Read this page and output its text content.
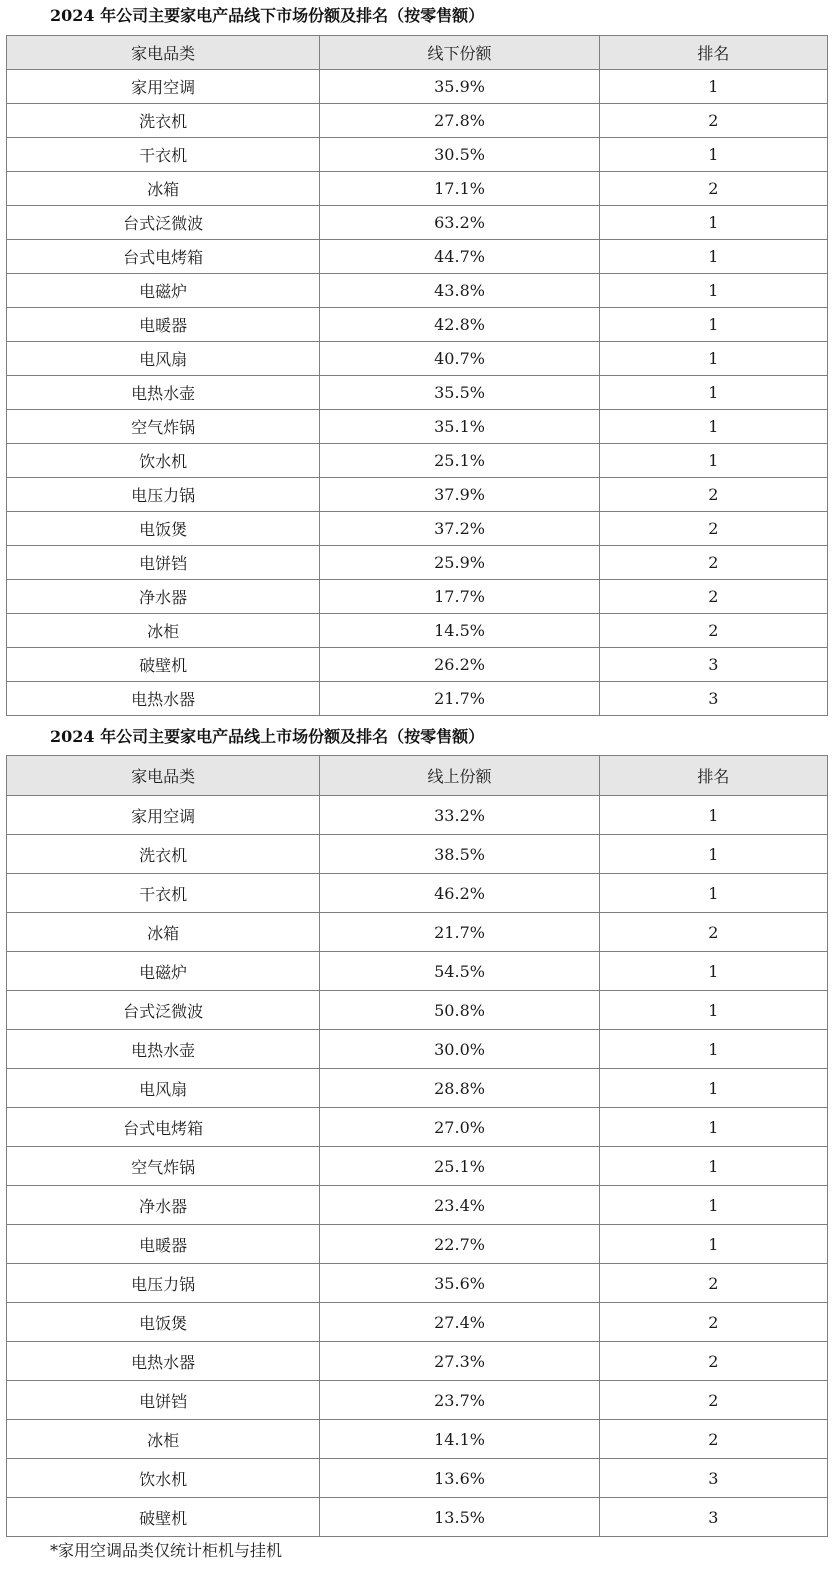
2024 年公司主要家电产品线下市场份额及排名（按零售额）
家电品类	线下份额	排名
家用空调	35.9%	1
洗衣机	27.8%	2
干衣机	30.5%	1
冰箱	17.1%	2
台式泛微波	63.2%	1
台式电烤箱	44.7%	1
电磁炉	43.8%	1
电暖器	42.8%	1
电风扇	40.7%	1
电热水壶	35.5%	1
空气炸锅	35.1%	1
饮水机	25.1%	1
电压力锅	37.9%	2
电饭煲	37.2%	2
电饼铛	25.9%	2
净水器	17.7%	2
冰柜	14.5%	2
破壁机	26.2%	3
电热水器	21.7%	3
2024 年公司主要家电产品线上市场份额及排名（按零售额）
家电品类	线上份额	排名
家用空调	33.2%	1
洗衣机	38.5%	1
干衣机	46.2%	1
冰箱	21.7%	2
电磁炉	54.5%	1
台式泛微波	50.8%	1
电热水壶	30.0%	1
电风扇	28.8%	1
台式电烤箱	27.0%	1
空气炸锅	25.1%	1
净水器	23.4%	1
电暖器	22.7%	1
电压力锅	35.6%	2
电饭煲	27.4%	2
电热水器	27.3%	2
电饼铛	23.7%	2
冰柜	14.1%	2
饮水机	13.6%	3
破壁机	13.5%	3
*家用空调品类仅统计柜机与挂机
